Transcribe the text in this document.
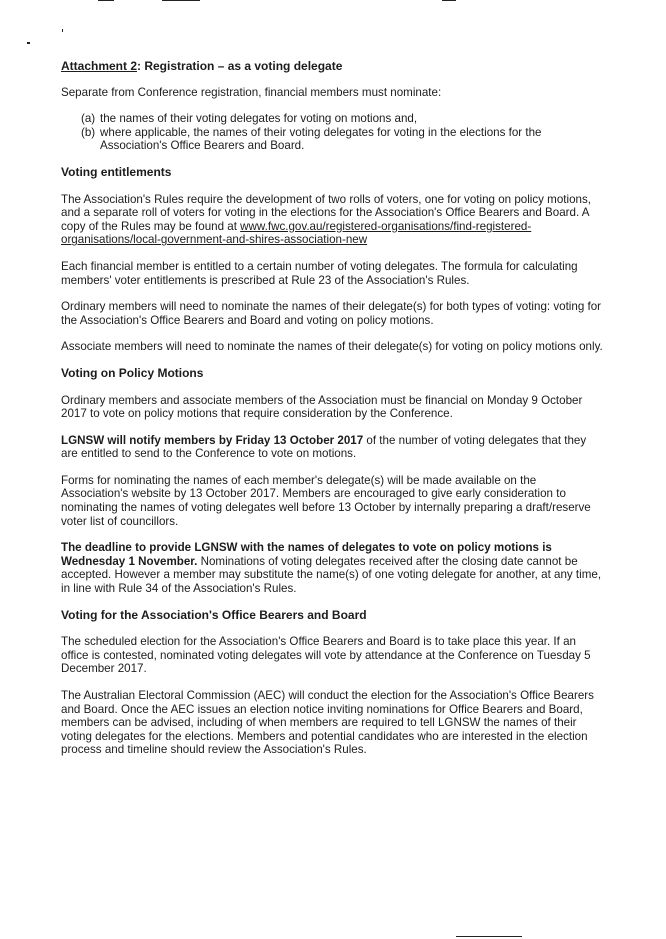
Attachment 2: Registration – as a voting delegate

Separate from Conference registration, financial members must nominate:

(a) the names of their voting delegates for voting on motions and,
(b) where applicable, the names of their voting delegates for voting in the elections for the Association's Office Bearers and Board.
Voting entitlements

The Association's Rules require the development of two rolls of voters, one for voting on policy motions, and a separate roll of voters for voting in the elections for the Association's Office Bearers and Board. A copy of the Rules may be found at www.fwc.gov.au/registered-organisations/find-registered-organisations/local-government-and-shires-association-new

Each financial member is entitled to a certain number of voting delegates. The formula for calculating members' voter entitlements is prescribed at Rule 23 of the Association's Rules.

Ordinary members will need to nominate the names of their delegate(s) for both types of voting: voting for the Association's Office Bearers and Board and voting on policy motions.

Associate members will need to nominate the names of their delegate(s) for voting on policy motions only.

Voting on Policy Motions

Ordinary members and associate members of the Association must be financial on Monday 9 October 2017 to vote on policy motions that require consideration by the Conference.

LGNSW will notify members by Friday 13 October 2017 of the number of voting delegates that they are entitled to send to the Conference to vote on motions.

Forms for nominating the names of each member's delegate(s) will be made available on the Association's website by 13 October 2017. Members are encouraged to give early consideration to nominating the names of voting delegates well before 13 October by internally preparing a draft/reserve voter list of councillors.

The deadline to provide LGNSW with the names of delegates to vote on policy motions is Wednesday 1 November. Nominations of voting delegates received after the closing date cannot be accepted. However a member may substitute the name(s) of one voting delegate for another, at any time, in line with Rule 34 of the Association's Rules.

Voting for the Association's Office Bearers and Board

The scheduled election for the Association's Office Bearers and Board is to take place this year. If an office is contested, nominated voting delegates will vote by attendance at the Conference on Tuesday 5 December 2017.

The Australian Electoral Commission (AEC) will conduct the election for the Association's Office Bearers and Board. Once the AEC issues an election notice inviting nominations for Office Bearers and Board, members can be advised, including of when members are required to tell LGNSW the names of their voting delegates for the elections. Members and potential candidates who are interested in the election process and timeline should review the Association's Rules.
